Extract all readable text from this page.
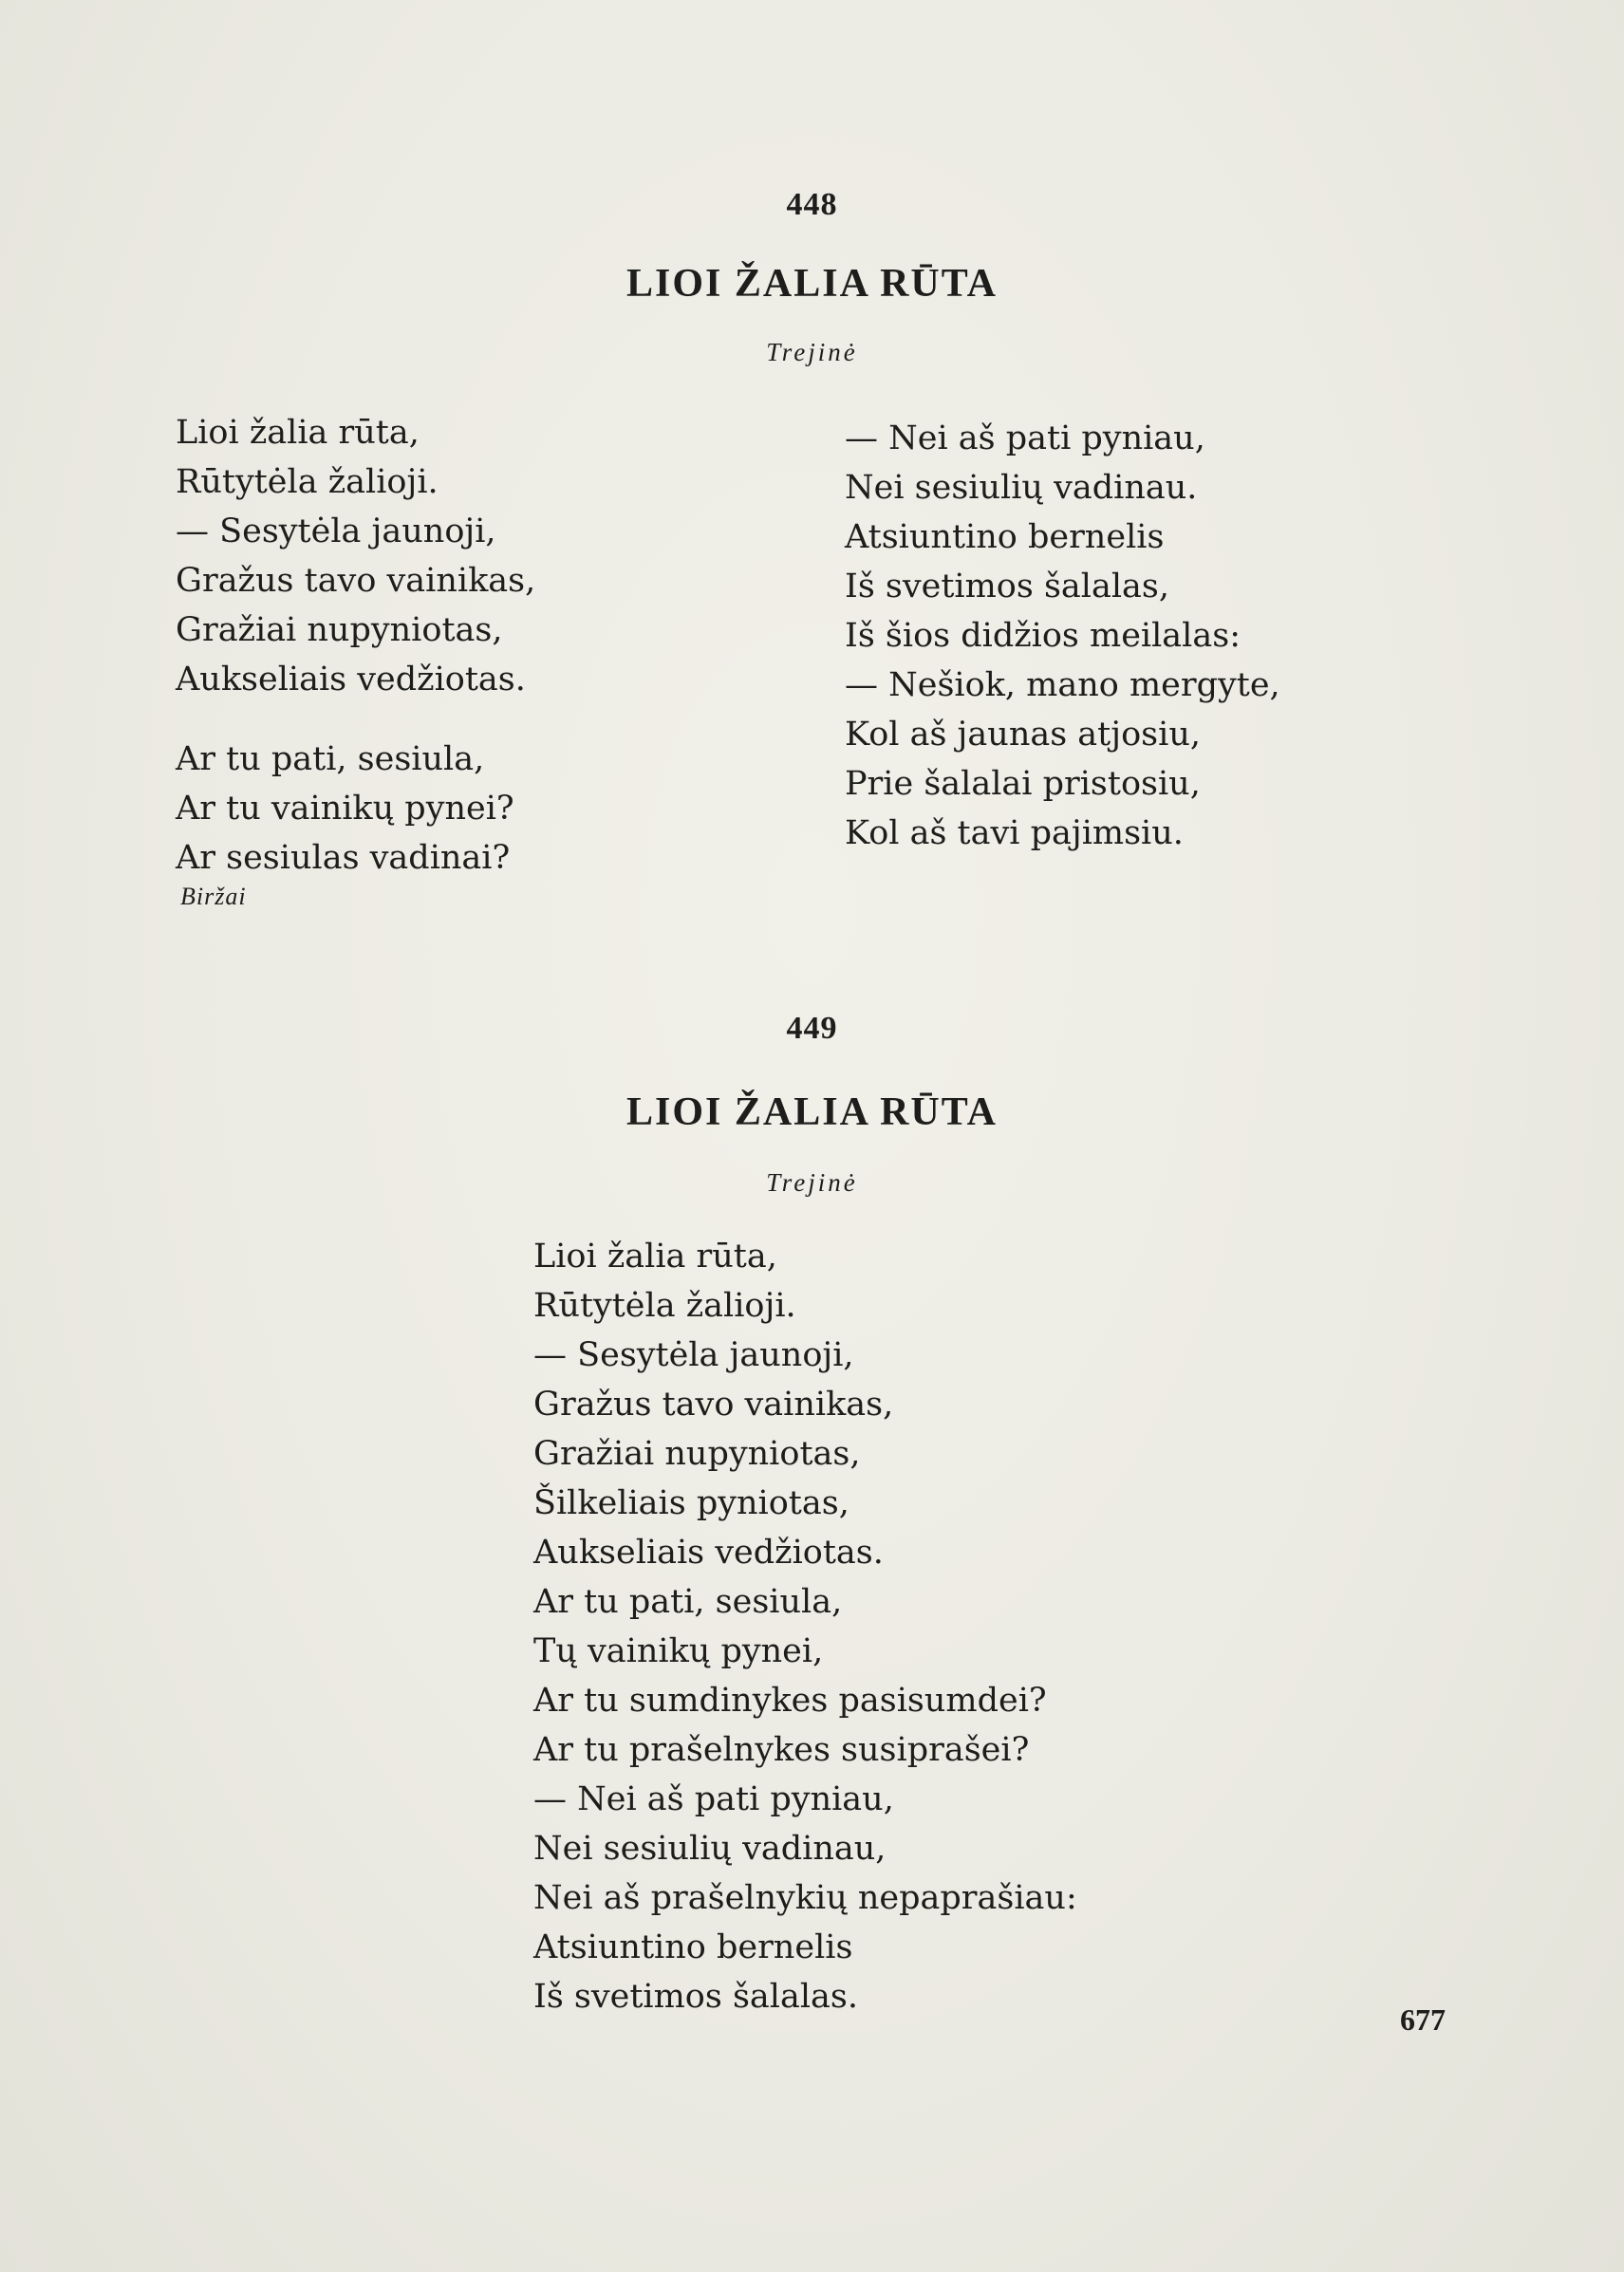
448
LIOI ŽALIA RŪTA
Trejinė
Lioi žalia rūta,
Rūtytėla žalioji.
— Sesytėla jaunoji,
Gražus tavo vainikas,
Gražiai nupyniotas,
Aukseliais vedžiotas.
Ar tu pati, sesiula,
Ar tu vainikų pynei?
Ar sesiulas vadinai?
— Nei aš pati pyniau,
Nei sesiulių vadinau.
Atsiuntino bernelis
Iš svetimos šalalas,
Iš šios didžios meilalas:
— Nešiok, mano mergyte,
Kol aš jaunas atjosiu,
Prie šalalai pristosiu,
Kol aš tavi pajimsiu.
Biržai
449
LIOI ŽALIA RŪTA
Trejinė
Lioi žalia rūta,
Rūtytėla žalioji.
— Sesytėla jaunoji,
Gražus tavo vainikas,
Gražiai nupyniotas,
Šilkeliais pyniotas,
Aukseliais vedžiotas.
Ar tu pati, sesiula,
Tų vainikų pynei,
Ar tu sumdinykes pasisumdei?
Ar tu prašelnykes susiprašei?
— Nei aš pati pyniau,
Nei sesiulių vadinau,
Nei aš prašelnykių nepaprašiau:
Atsiuntino bernelis
Iš svetimos šalalas.
677
